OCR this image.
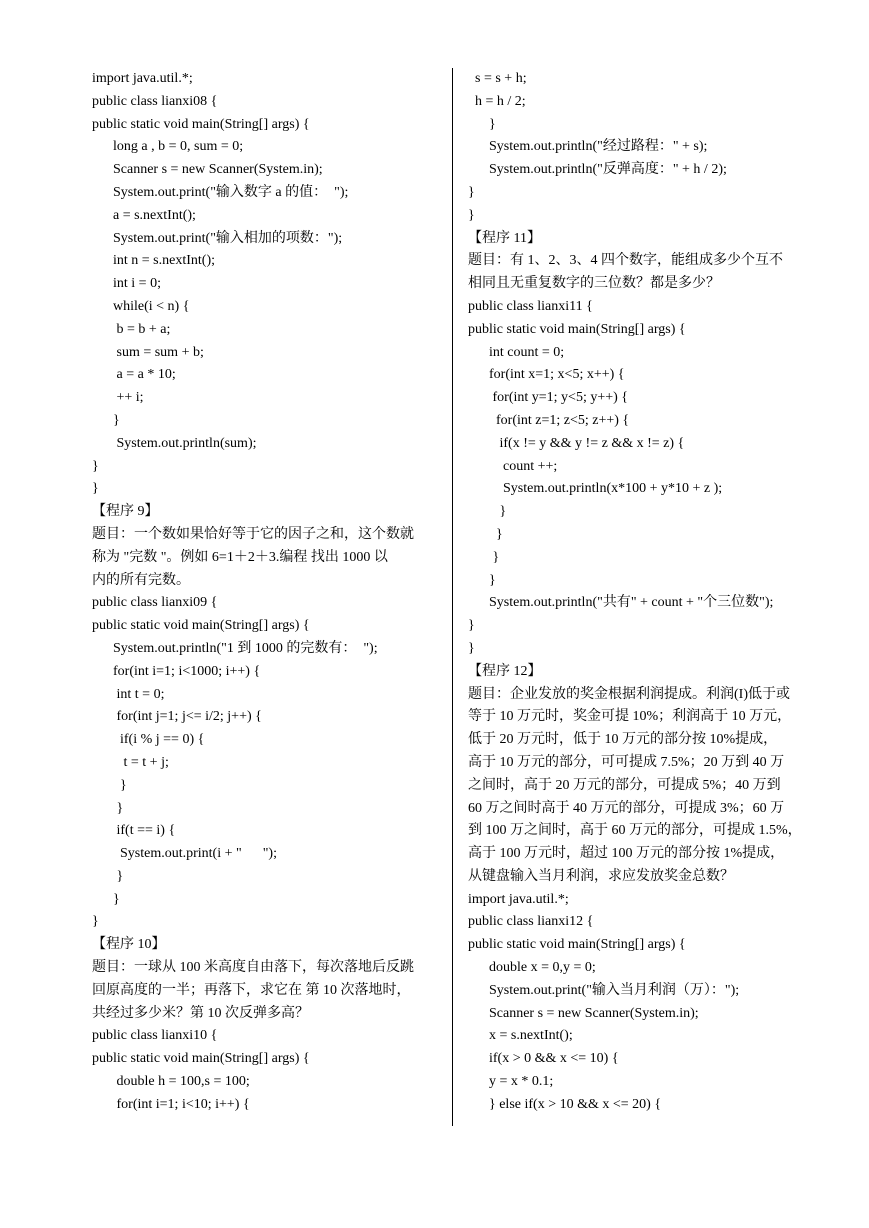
import java.util.*;
public class lianxi08 {
public static void main(String[] args) {
long a , b = 0, sum = 0;
Scanner s = new Scanner(System.in);
System.out.print("输入数字 a 的值：  ");
a = s.nextInt();
System.out.print("输入相加的项数：");
int n = s.nextInt();
int i = 0;
while(i < n) {
b = b + a;
sum = sum + b;
a = a * 10;
++ i;
}
System.out.println(sum);
}
}
【程序 9】
题目：一个数如果恰好等于它的因子之和，这个数就
称为 "完数 "。例如 6=1＋2＋3.编程 找出 1000 以
内的所有完数。
public class lianxi09 {
public static void main(String[] args) {
System.out.println("1 到 1000 的完数有：  ");
for(int i=1; i<1000; i++) {
int t = 0;
for(int j=1; j<= i/2; j++) {
if(i % j == 0) {
t = t + j;
}
}
if(t == i) {
System.out.print(i + "      ");
}
}
}
【程序 10】
题目：一球从 100 米高度自由落下，每次落地后反跳
回原高度的一半；再落下，求它在 第 10 次落地时，
共经过多少米？第 10 次反弹多高？
public class lianxi10 {
public static void main(String[] args) {
double h = 100,s = 100;
for(int i=1; i<10; i++) {
s = s + h;
h = h / 2;
}
System.out.println("经过路程：" + s);
System.out.println("反弹高度：" + h / 2);
}
}
【程序 11】
题目：有 1、2、3、4 四个数字，能组成多少个互不
相同且无重复数字的三位数？都是多少？
public class lianxi11 {
public static void main(String[] args) {
int count = 0;
for(int x=1; x<5; x++) {
for(int y=1; y<5; y++) {
for(int z=1; z<5; z++) {
if(x != y && y != z && x != z) {
count ++;
System.out.println(x*100 + y*10 + z );
}
}
}
}
System.out.println("共有" + count + "个三位数");
}
}
【程序 12】
题目：企业发放的奖金根据利润提成。利润(I)低于或
等于 10 万元时，奖金可提 10%；利润高于 10 万元，
低于 20 万元时，低于 10 万元的部分按 10%提成，
高于 10 万元的部分，可可提成 7.5%；20 万到 40 万
之间时，高于 20 万元的部分，可提成 5%；40 万到
60 万之间时高于 40 万元的部分，可提成 3%；60 万
到 100 万之间时，高于 60 万元的部分，可提成 1.5%，
高于 100 万元时，超过 100 万元的部分按 1%提成，
从键盘输入当月利润，求应发放奖金总数？
import java.util.*;
public class lianxi12 {
public static void main(String[] args) {
double x = 0,y = 0;
System.out.print("输入当月利润（万）：");
Scanner s = new Scanner(System.in);
x = s.nextInt();
if(x > 0 && x <= 10) {
y = x * 0.1;
} else if(x > 10 && x <= 20) {
